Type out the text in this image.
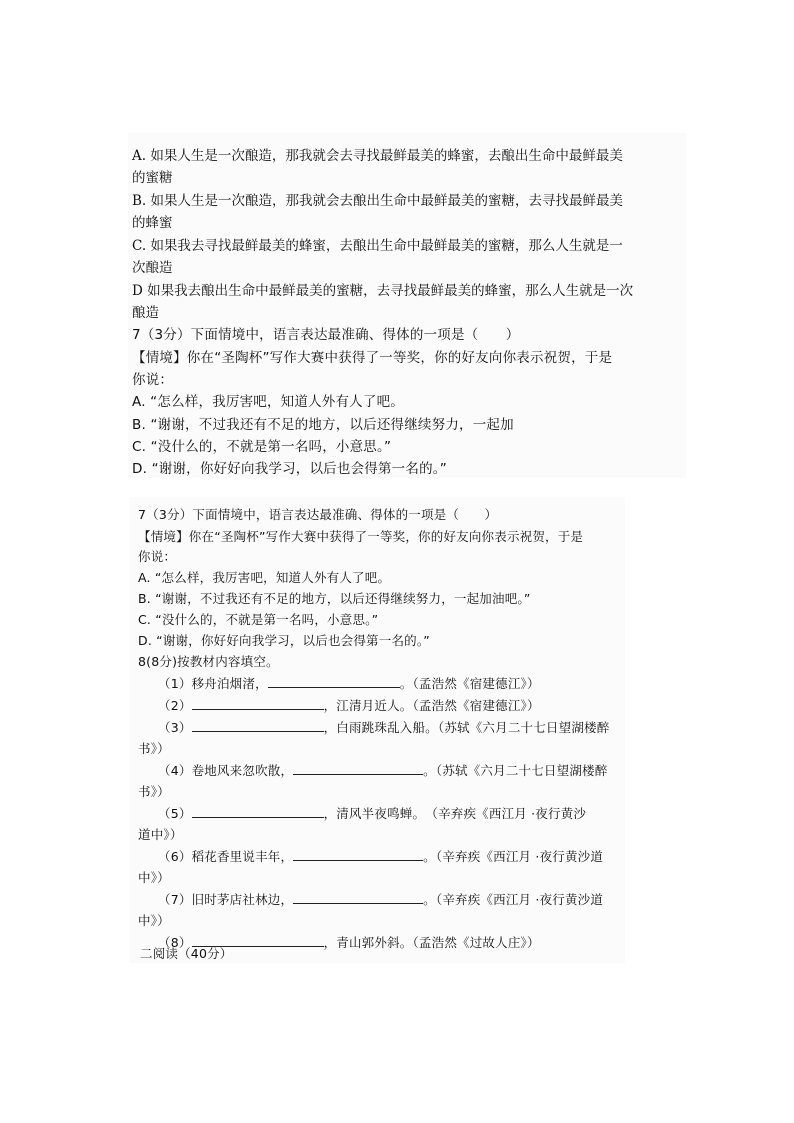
A. 如果人生是一次酿造，那我就会去寻找最鲜最美的蜂蜜，去酿出生命中最鲜最美
的蜜糖
B. 如果人生是一次酿造，那我就会去酿出生命中最鲜最美的蜜糖，去寻找最鲜最美
的蜂蜜
C. 如果我去寻找最鲜最美的蜂蜜，去酿出生命中最鲜最美的蜜糖，那么人生就是一
次酿造
D 如果我去酿出生命中最鲜最美的蜜糖，去寻找最鲜最美的蜂蜜，那么人生就是一次
酿造
7（3分）下面情境中，语言表达最准确、得体的一项是（　　）
【情境】你在“圣陶杯”写作大赛中获得了一等奖，你的好友向你表示祝贺，于是
你说：
A. “怎么样，我厉害吧，知道人外有人了吧。
B. “谢谢，不过我还有不足的地方，以后还得继续努力，一起加
C. “没什么的，不就是第一名吗，小意思。”
D. “谢谢，你好好向我学习，以后也会得第一名的。”
7（3分）下面情境中，语言表达最准确、得体的一项是（　　）
【情境】你在“圣陶杯”写作大赛中获得了一等奖，你的好友向你表示祝贺，于是
你说：
A. “怎么样，我厉害吧，知道人外有人了吧。
B. “谢谢，不过我还有不足的地方，以后还得继续努力，一起加油吧。”
C. “没什么的，不就是第一名吗，小意思。”
D. “谢谢，你好好向我学习，以后也会得第一名的。”
8(8分)按教材内容填空。
（1）移舟泊烟渚，	。（孟浩然《宿建德江》）
（2）	，江清月近人。（孟浩然《宿建德江》）
（3）	，白雨跳珠乱入船。（苏轼《六月二十七日望湖楼醉
书》）
（4）卷地风来忽吹散，	。（苏轼《六月二十七日望湖楼醉
书》）
（5）	，清风半夜鸣蝉。　（辛弃疾《西江月 ·夜行黄沙
道中》）
（6）稻花香里说丰年，	。（辛弃疾《西江月 ·夜行黄沙道
中》）
（7）旧时茅店社林边，	。（辛弃疾《西江月 ·夜行黄沙道
中》）
（8）	，青山郭外斜。（孟浩然《过故人庄》）
二阅读（40分）
